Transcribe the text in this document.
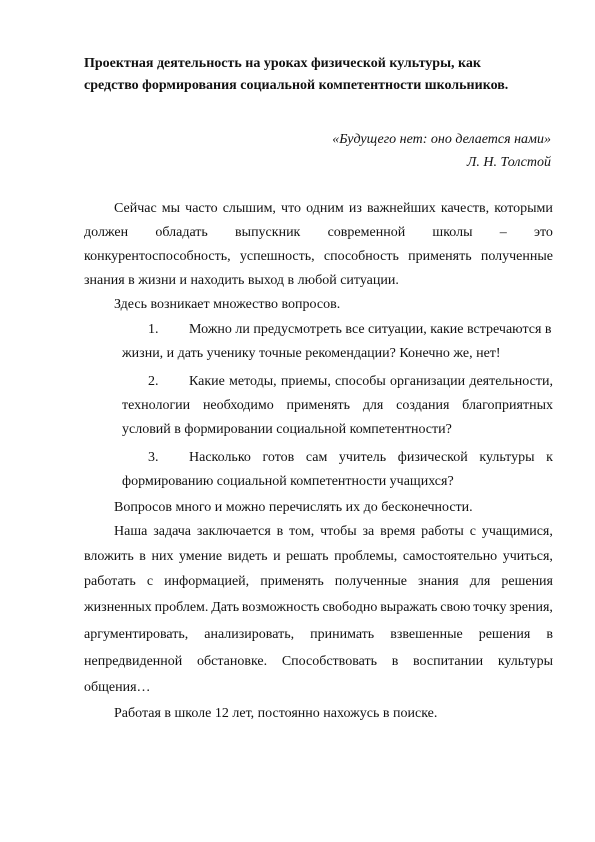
Проектная деятельность на уроках физической культуры, как
средство формирования социальной компетентности школьников.
«Будущего нет: оно делается нами»
Л. Н. Толстой
Сейчас мы часто слышим, что одним из важнейших качеств, которыми
должен обладать выпускник современной школы – это
конкурентоспособность, успешность, способность применять полученные
знания в жизни и находить выход в любой ситуации.
Здесь возникает множество вопросов.
1. Можно ли предусмотреть все ситуации, какие встречаются в
жизни, и дать ученику точные рекомендации? Конечно же, нет!
2. Какие методы, приемы, способы организации деятельности,
технологии необходимо применять для создания благоприятных
условий в формировании социальной компетентности?
3. Насколько готов сам учитель физической культуры к
формированию социальной компетентности учащихся?
Вопросов много и можно перечислять их до бесконечности.
Наша задача заключается в том, чтобы за время работы с учащимися,
вложить в них умение видеть и решать проблемы, самостоятельно учиться,
работать с информацией, применять полученные знания для решения
жизненных проблем. Дать возможность свободно выражать свою точку зрения,
аргументировать, анализировать, принимать взвешенные решения в
непредвиденной обстановке. Способствовать в воспитании культуры
общения…
Работая в школе 12 лет, постоянно нахожусь в поиске.
